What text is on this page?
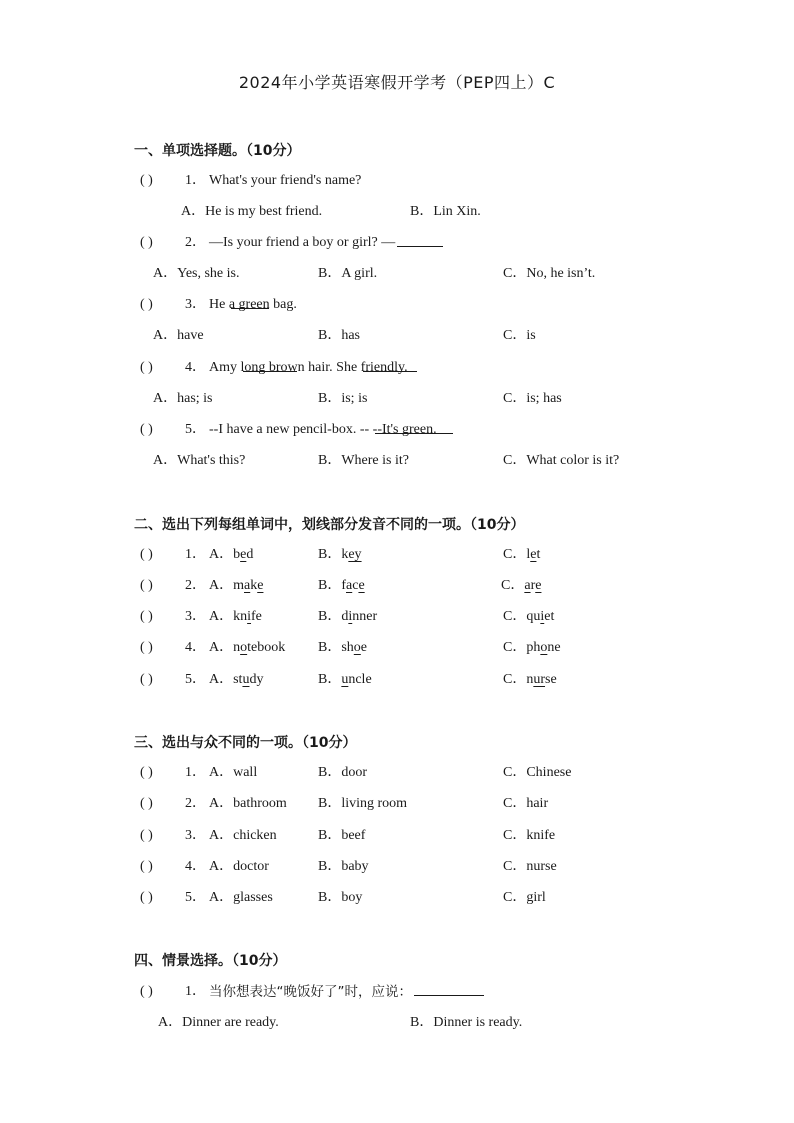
2024年小学英语寒假开学考（PEP四上）C
一、单项选择题。（10分）
( ) 1． What's your friend's name?
A．He is my best friend.	B．Lin Xin.
( ) 2． —Is your friend a boy or girl? —
A．Yes, she is.	B．A girl.	C．No, he isn’t.
( ) 3． He a green bag.
A．have	B．has	C．is
( ) 4． Amy long brown hair. She friendly.
A．has; is	B．is; is	C．is; has
( ) 5． --I have a new pencil-box. -- --It's green.
A．What's this?	B．Where is it?	C．What color is it?
二、选出下列每组单词中，划线部分发音不同的一项。（10分）
( ) 1． A．bed	B．key	C．let
( ) 2． A．make	B．face	C．are
( ) 3． A．knife	B．dinner	C．quiet
( ) 4． A．notebook B．shoe	C．phone
( ) 5． A．study	B．uncle	C．nurse
三、选出与众不同的一项。（10分）
( ) 1． A．wall	B．door	C．Chinese
( ) 2． A．bathroom B．living room	C．hair
( ) 3． A．chicken	B．beef	C．knife
( ) 4． A．doctor	B．baby	C．nurse
( ) 5． A．glasses	B．boy	C．girl
四、情景选择。（10分）
( ) 1． 当你想表达“晚饭好了”时，应说：
A．Dinner are ready.	B．Dinner is ready.
